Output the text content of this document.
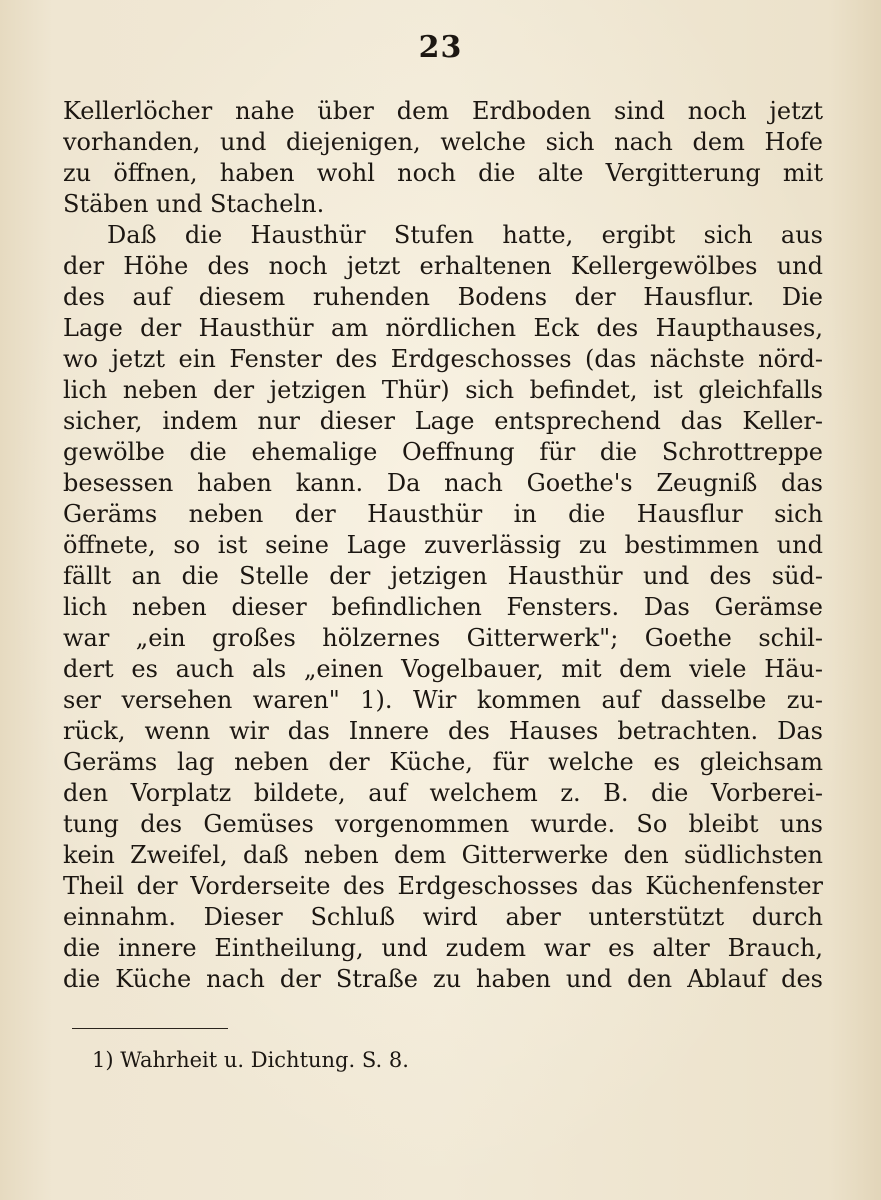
23
Kellerlöcher nahe über dem Erdboden sind noch jetzt
vorhanden, und diejenigen, welche sich nach dem Hofe
zu öffnen, haben wohl noch die alte Vergitterung mit
Stäben und Stacheln.
Daß die Hausthür Stufen hatte, ergibt sich aus
der Höhe des noch jetzt erhaltenen Kellergewölbes und
des auf diesem ruhenden Bodens der Hausflur. Die
Lage der Hausthür am nördlichen Eck des Haupthauses,
wo jetzt ein Fenster des Erdgeschosses (das nächste nörd-
lich neben der jetzigen Thür) sich befindet, ist gleichfalls
sicher, indem nur dieser Lage entsprechend das Keller-
gewölbe die ehemalige Oeffnung für die Schrottreppe
besessen haben kann. Da nach Goethe's Zeugniß das
Geräms neben der Hausthür in die Hausflur sich
öffnete, so ist seine Lage zuverlässig zu bestimmen und
fällt an die Stelle der jetzigen Hausthür und des süd-
lich neben dieser befindlichen Fensters. Das Gerämse
war „ein großes hölzernes Gitterwerk"; Goethe schil-
dert es auch als „einen Vogelbauer, mit dem viele Häu-
ser versehen waren" 1). Wir kommen auf dasselbe zu-
rück, wenn wir das Innere des Hauses betrachten. Das
Geräms lag neben der Küche, für welche es gleichsam
den Vorplatz bildete, auf welchem z. B. die Vorberei-
tung des Gemüses vorgenommen wurde. So bleibt uns
kein Zweifel, daß neben dem Gitterwerke den südlichsten
Theil der Vorderseite des Erdgeschosses das Küchenfenster
einnahm. Dieser Schluß wird aber unterstützt durch
die innere Eintheilung, und zudem war es alter Brauch,
die Küche nach der Straße zu haben und den Ablauf des
1) Wahrheit u. Dichtung. S. 8.
